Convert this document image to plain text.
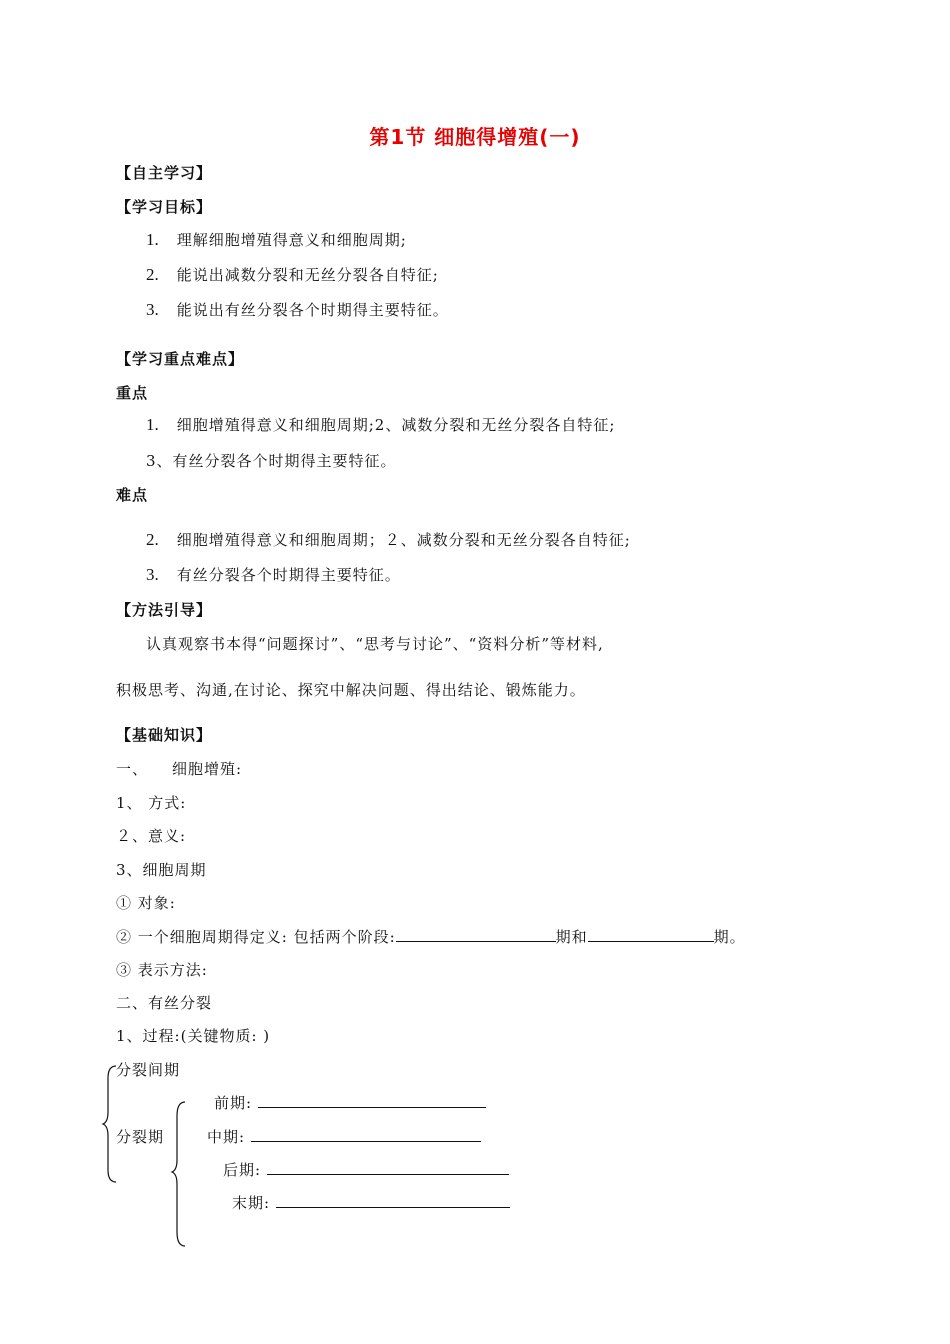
第1节 细胞得增殖(一)
【自主学习】
【学习目标】
1. 理解细胞增殖得意义和细胞周期;
2. 能说出减数分裂和无丝分裂各自特征;
3. 能说出有丝分裂各个时期得主要特征。
【学习重点难点】
重点
1. 细胞增殖得意义和细胞周期;2、减数分裂和无丝分裂各自特征;
3、有丝分裂各个时期得主要特征。
难点
2. 细胞增殖得意义和细胞周期；２、减数分裂和无丝分裂各自特征;
3. 有丝分裂各个时期得主要特征。
【方法引导】
认真观察书本得“问题探讨”、“思考与讨论”、“资料分析”等材料,
积极思考、沟通,在讨论、探究中解决问题、得出结论、锻炼能力。
【基础知识】
一、 细胞增殖:
1、 方式:
２、意义:
3、细胞周期
① 对象:
② 一个细胞周期得定义: 包括两个阶段:	期和	期。
③ 表示方法:
二、有丝分裂
1、过程:(关键物质: )
分裂间期
分裂期
前期:
中期:
后期:
末期:
